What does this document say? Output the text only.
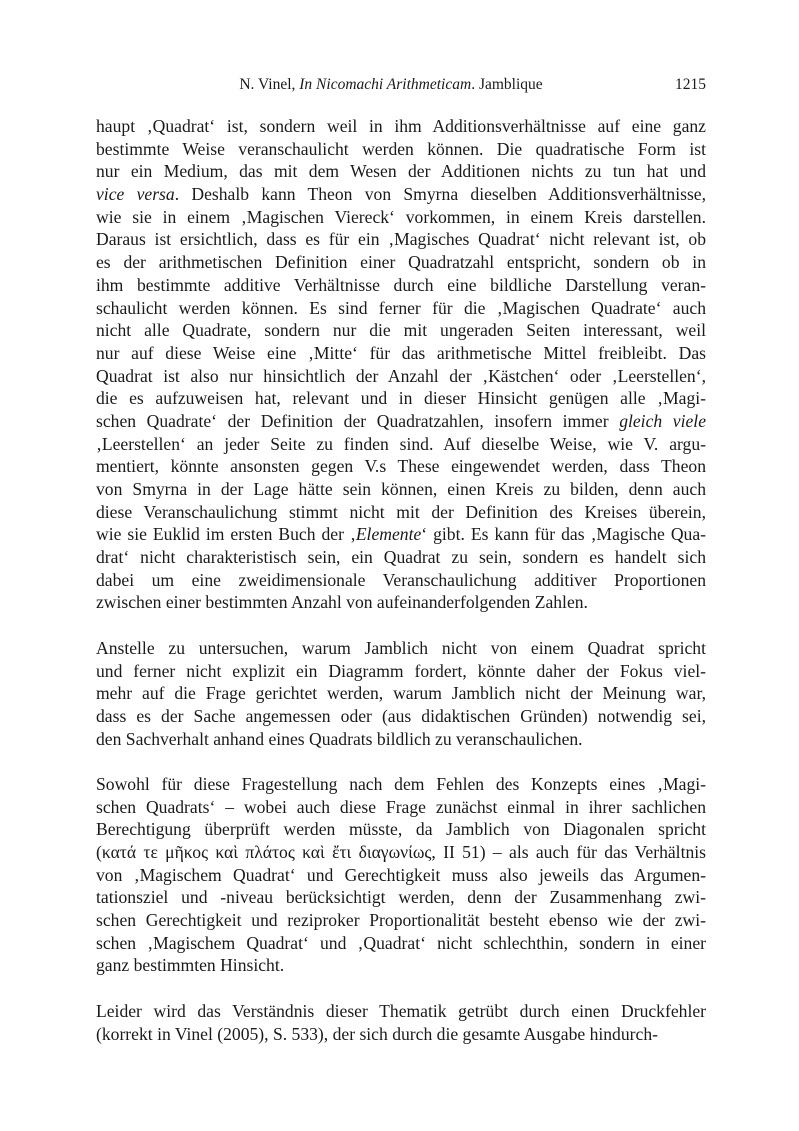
N. Vinel, In Nicomachi Arithmeticam. Jamblique	1215
haupt ‚Quadrat‘ ist, sondern weil in ihm Additionsverhältnisse auf eine ganz
bestimmte Weise veranschaulicht werden können. Die quadratische Form ist
nur ein Medium, das mit dem Wesen der Additionen nichts zu tun hat und
vice versa. Deshalb kann Theon von Smyrna dieselben Additionsverhältnisse,
wie sie in einem ‚Magischen Viereck‘ vorkommen, in einem Kreis darstellen.
Daraus ist ersichtlich, dass es für ein ‚Magisches Quadrat‘ nicht relevant ist, ob
es der arithmetischen Definition einer Quadratzahl entspricht, sondern ob in
ihm bestimmte additive Verhältnisse durch eine bildliche Darstellung veran-
schaulicht werden können. Es sind ferner für die ‚Magischen Quadrate‘ auch
nicht alle Quadrate, sondern nur die mit ungeraden Seiten interessant, weil
nur auf diese Weise eine ‚Mitte‘ für das arithmetische Mittel freibleibt. Das
Quadrat ist also nur hinsichtlich der Anzahl der ‚Kästchen‘ oder ‚Leerstellen‘,
die es aufzuweisen hat, relevant und in dieser Hinsicht genügen alle ‚Magi-
schen Quadrate‘ der Definition der Quadratzahlen, insofern immer gleich viele
‚Leerstellen‘ an jeder Seite zu finden sind. Auf dieselbe Weise, wie V. argu-
mentiert, könnte ansonsten gegen V.s These eingewendet werden, dass Theon
von Smyrna in der Lage hätte sein können, einen Kreis zu bilden, denn auch
diese Veranschaulichung stimmt nicht mit der Definition des Kreises überein,
wie sie Euklid im ersten Buch der ‚Elemente‘ gibt. Es kann für das ‚Magische Qua-
drat‘ nicht charakteristisch sein, ein Quadrat zu sein, sondern es handelt sich
dabei um eine zweidimensionale Veranschaulichung additiver Proportionen
zwischen einer bestimmten Anzahl von aufeinanderfolgenden Zahlen.
Anstelle zu untersuchen, warum Jamblich nicht von einem Quadrat spricht
und ferner nicht explizit ein Diagramm fordert, könnte daher der Fokus viel-
mehr auf die Frage gerichtet werden, warum Jamblich nicht der Meinung war,
dass es der Sache angemessen oder (aus didaktischen Gründen) notwendig sei,
den Sachverhalt anhand eines Quadrats bildlich zu veranschaulichen.
Sowohl für diese Fragestellung nach dem Fehlen des Konzepts eines ‚Magi-
schen Quadrats‘ – wobei auch diese Frage zunächst einmal in ihrer sachlichen
Berechtigung überprüft werden müsste, da Jamblich von Diagonalen spricht
(κατά τε μῆκος καὶ πλάτος καὶ ἔτι διαγωνίως, II 51) – als auch für das Verhältnis
von ‚Magischem Quadrat‘ und Gerechtigkeit muss also jeweils das Argumen-
tationsziel und -niveau berücksichtigt werden, denn der Zusammenhang zwi-
schen Gerechtigkeit und reziproker Proportionalität besteht ebenso wie der zwi-
schen ‚Magischem Quadrat‘ und ‚Quadrat‘ nicht schlechthin, sondern in einer
ganz bestimmten Hinsicht.
Leider wird das Verständnis dieser Thematik getrübt durch einen Druckfehler
(korrekt in Vinel (2005), S. 533), der sich durch die gesamte Ausgabe hindurch-
